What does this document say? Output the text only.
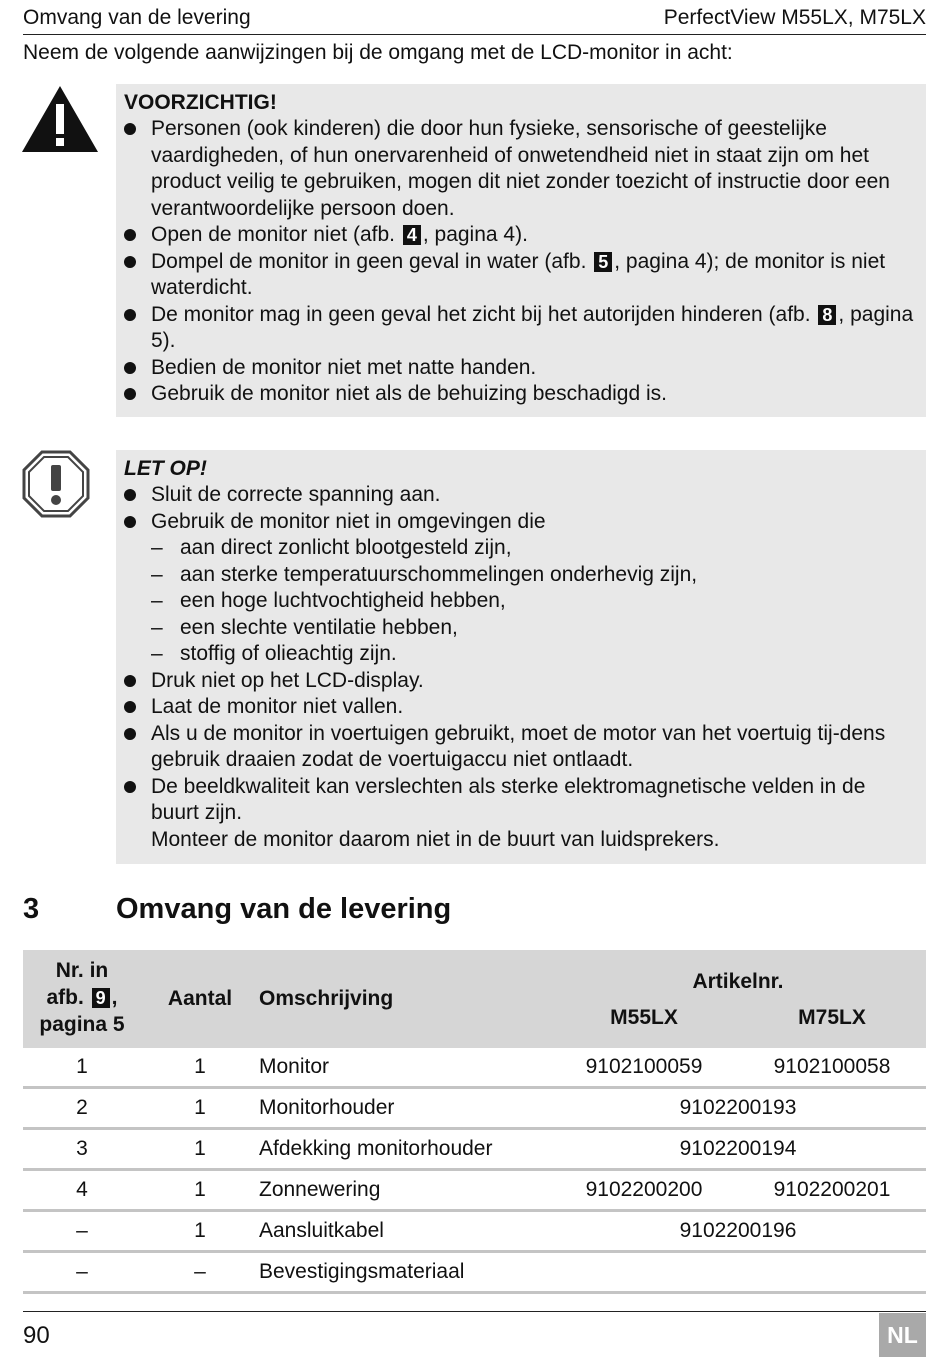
Omvang van de levering	PerfectView M55LX, M75LX
Neem de volgende aanwijzingen bij de omgang met de LCD-monitor in acht:
VOORZICHTIG!
Personen (ook kinderen) die door hun fysieke, sensorische of geestelijke vaardigheden, of hun onervarenheid of onwetendheid niet in staat zijn om het product veilig te gebruiken, mogen dit niet zonder toezicht of instructie door een verantwoordelijke persoon doen.
Open de monitor niet (afb. 4 , pagina 4).
Dompel de monitor in geen geval in water (afb. 5 , pagina 4); de monitor is niet waterdicht.
De monitor mag in geen geval het zicht bij het autorijden hinderen (afb. 8 , pagina 5).
Bedien de monitor niet met natte handen.
Gebruik de monitor niet als de behuizing beschadigd is.
LET OP!
Sluit de correcte spanning aan.
Gebruik de monitor niet in omgevingen die
– aan direct zonlicht blootgesteld zijn,
– aan sterke temperatuurschommelingen onderhevig zijn,
– een hoge luchtvochtigheid hebben,
– een slechte ventilatie hebben,
– stoffig of olieachtig zijn.
Druk niet op het LCD-display.
Laat de monitor niet vallen.
Als u de monitor in voertuigen gebruikt, moet de motor van het voertuig tij-dens gebruik draaien zodat de voertuigaccu niet ontlaadt.
De beeldkwaliteit kan verslechten als sterke elektromagnetische velden in de buurt zijn.
Monteer de monitor daarom niet in de buurt van luidsprekers.
3	Omvang van de levering
Nr. in
afb. 9 ,
pagina 5	Aantal	Omschrijving	Artikelnr.	
			M55LX	M75LX
1	1	Monitor	9102100059	9102100058
2	1	Monitorhouder	9102200193	
3	1	Afdekking monitorhouder	9102200194	
4	1	Zonnewering	9102200200	9102200201
–	1	Aansluitkabel	9102200196	
–	–	Bevestigingsmateriaal		
90	NL
